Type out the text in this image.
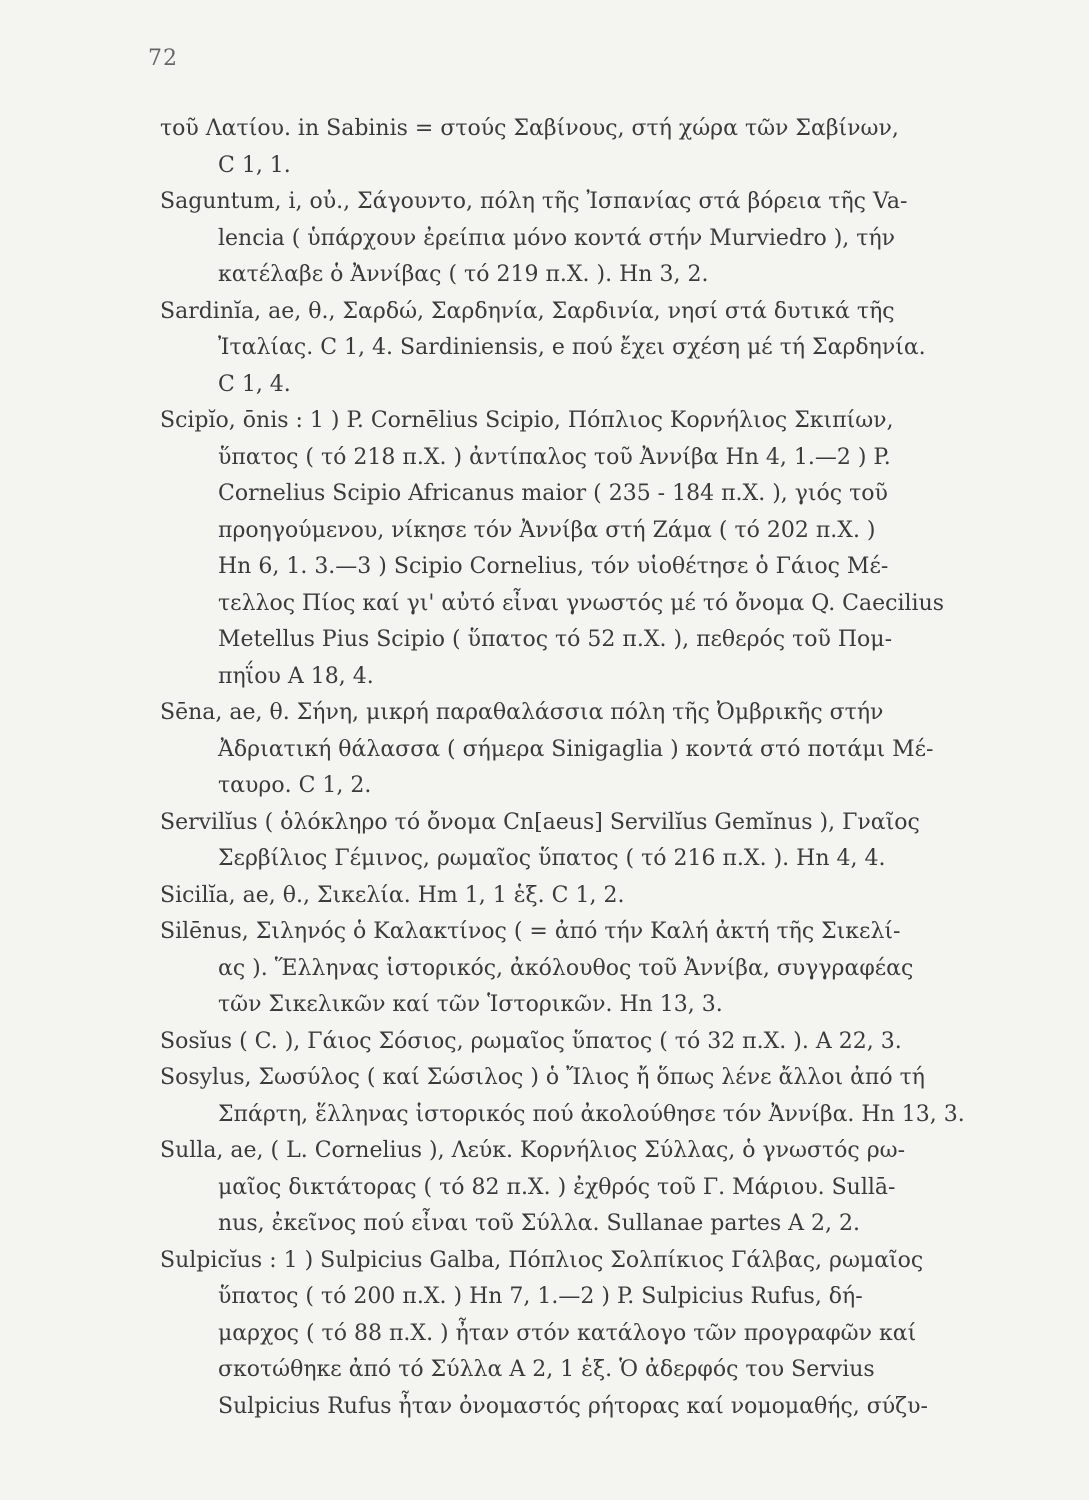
72
τοῦ Λατίου. in Sabinis = στούς Σαβίνους, στή χώρα τῶν Σαβίνων,
C 1, 1.
Saguntum, i, οὐ., Σάγουντο, πόλη τῆς Ἰσπανίας στά βόρεια τῆς Va-
lencia ( ὑπάρχουν ἐρείπια μόνο κοντά στήν Murviedro ), τήν
κατέλαβε ὁ Ἀννίβας ( τό 219 π.Χ. ). Hn 3, 2.
Sardinĭa, ae, θ., Σαρδώ, Σαρδηνία, Σαρδινία, νησί στά δυτικά τῆς
Ἰταλίας. C 1, 4. Sardiniensis, e πού ἔχει σχέση μέ τή Σαρδηνία.
C 1, 4.
Scipĭo, ōnis : 1 ) P. Cornēlius Scipio, Πόπλιος Κορνήλιος Σκιπίων,
ὕπατος ( τό 218 π.Χ. ) ἀντίπαλος τοῦ Ἀννίβα Hn 4, 1.—2 ) P.
Cornelius Scipio Africanus maior ( 235 - 184 π.Χ. ), γιός τοῦ
προηγούμενου, νίκησε τόν Ἀννίβα στή Ζάμα ( τό 202 π.Χ. )
Hn 6, 1. 3.—3 ) Scipio Cornelius, τόν υἱοθέτησε ὁ Γάιος Μέ-
τελλος Πίος καί γι' αὐτό εἶναι γνωστός μέ τό ὄνομα Q. Caecilius
Metellus Pius Scipio ( ὕπατος τό 52 π.Χ. ), πεθερός τοῦ Πομ-
πηΐου A 18, 4.
Sēna, ae, θ. Σήνη, μικρή παραθαλάσσια πόλη τῆς Ὀμβρικῆς στήν
Ἀδριατική θάλασσα ( σήμερα Sinigaglia ) κοντά στό ποτάμι Μέ-
ταυρο. C 1, 2.
Servilĭus ( ὁλόκληρο τό ὄνομα Cn[aeus] Servilĭus Gemĭnus ), Γναῖος
Σερβίλιος Γέμινος, ρωμαῖος ὕπατος ( τό 216 π.Χ. ). Hn 4, 4.
Sicilĭa, ae, θ., Σικελία. Hm 1, 1 ἑξ. C 1, 2.
Silēnus, Σιληνός ὁ Καλακτίνος ( = ἀπό τήν Καλή ἀκτή τῆς Σικελί-
ας ). Ἕλληνας ἱστορικός, ἀκόλουθος τοῦ Ἀννίβα, συγγραφέας
τῶν Σικελικῶν καί τῶν Ἱστορικῶν. Hn 13, 3.
Sosĭus ( C. ), Γάιος Σόσιος, ρωμαῖος ὕπατος ( τό 32 π.Χ. ). A 22, 3.
Sosylus, Σωσύλος ( καί Σώσιλος ) ὁ Ἴλιος ἤ ὅπως λένε ἄλλοι ἀπό τή
Σπάρτη, ἕλληνας ἱστορικός πού ἀκολούθησε τόν Ἀννίβα. Hn 13, 3.
Sulla, ae, ( L. Cornelius ), Λεύκ. Κορνήλιος Σύλλας, ὁ γνωστός ρω-
μαῖος δικτάτορας ( τό 82 π.Χ. ) ἐχθρός τοῦ Γ. Μάριου. Sullā-
nus, ἐκεῖνος πού εἶναι τοῦ Σύλλα. Sullanae partes A 2, 2.
Sulpicĭus : 1 ) Sulpicius Galba, Πόπλιος Σολπίκιος Γάλβας, ρωμαῖος
ὕπατος ( τό 200 π.Χ. ) Hn 7, 1.—2 ) P. Sulpicius Rufus, δή-
μαρχος ( τό 88 π.Χ. ) ἦταν στόν κατάλογο τῶν προγραφῶν καί
σκοτώθηκε ἀπό τό Σύλλα A 2, 1 ἑξ. Ὁ ἀδερφός του Servius
Sulpicius Rufus ἦταν ὀνομαστός ρήτορας καί νομομαθής, σύζυ-
